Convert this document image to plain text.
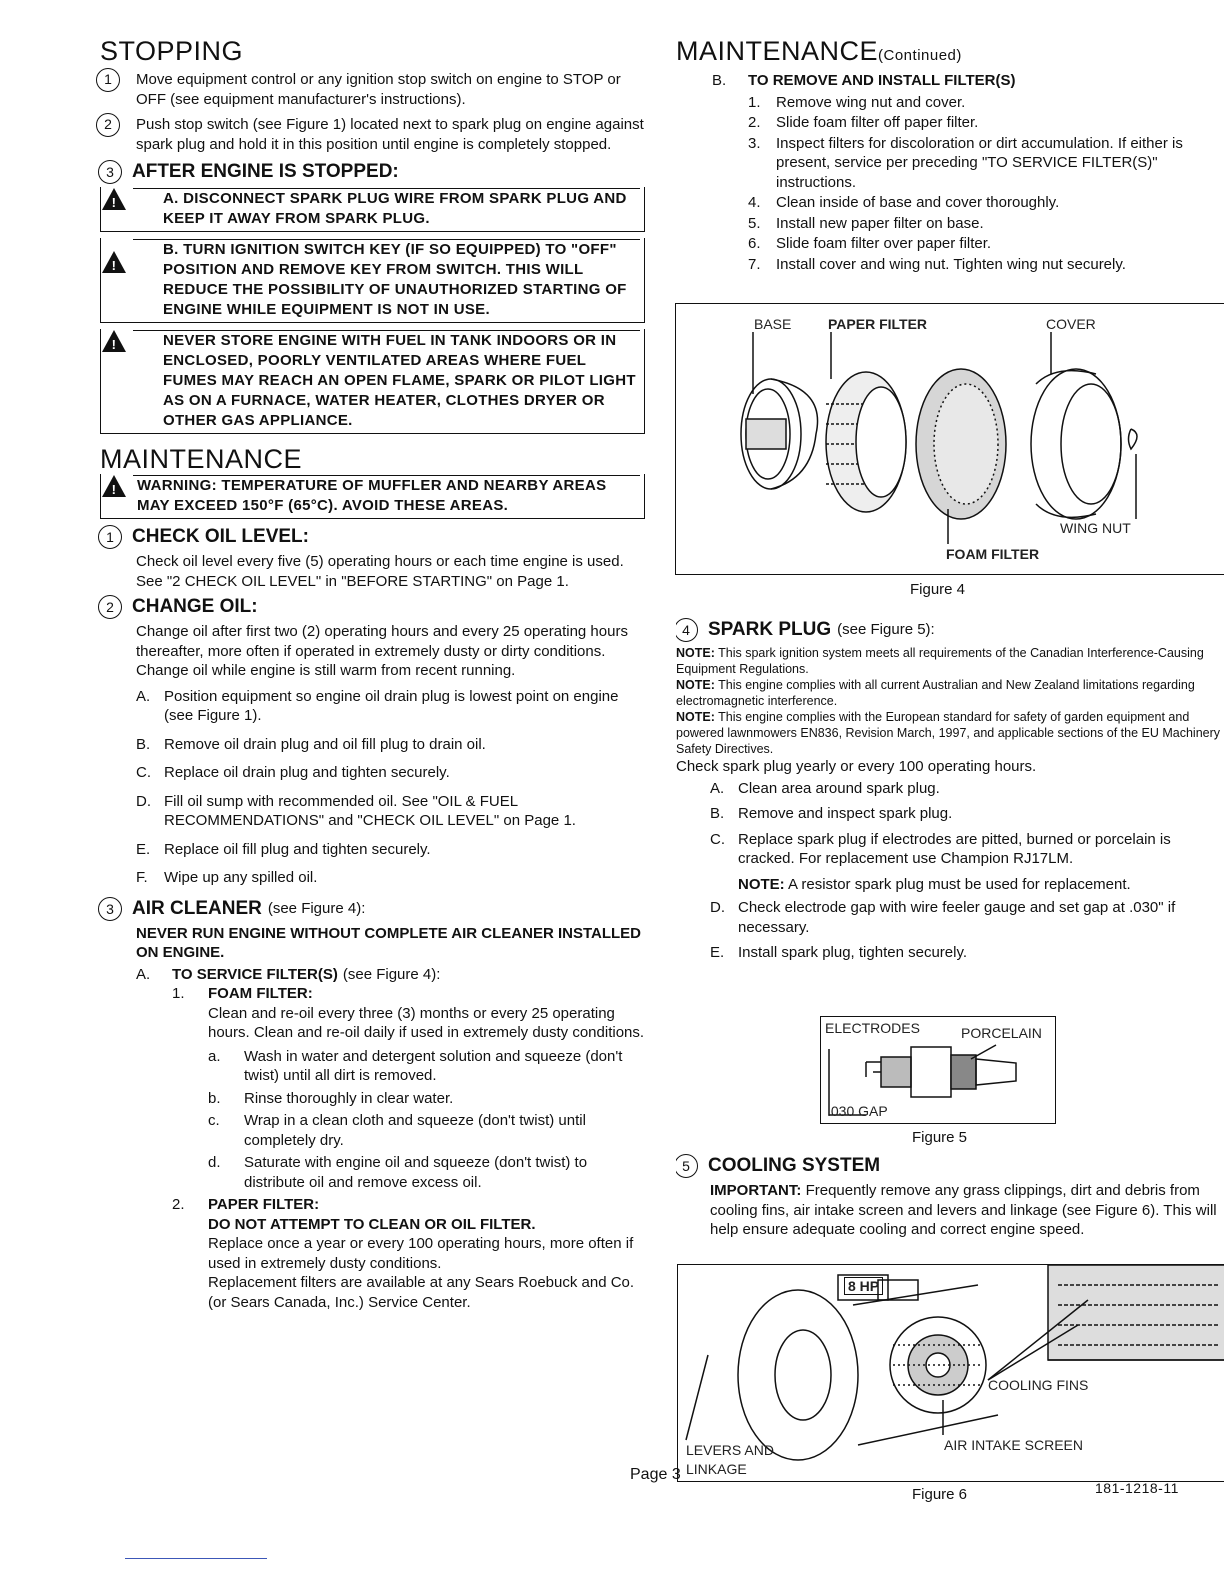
STOPPING
1	Move equipment control or any ignition stop switch on engine to STOP or OFF (see equipment manufacturer's instructions).
2	Push stop switch (see Figure 1) located next to spark plug on engine against spark plug and hold it in this position until engine is completely stopped.
3 AFTER ENGINE IS STOPPED:
!	A. DISCONNECT SPARK PLUG WIRE FROM SPARK PLUG AND KEEP IT AWAY FROM SPARK PLUG.
!
B. TURN IGNITION SWITCH KEY (IF SO EQUIPPED) TO "OFF" POSITION AND REMOVE KEY FROM SWITCH. THIS WILL REDUCE THE POSSIBILITY OF UNAUTHORIZED STARTING OF ENGINE WHILE EQUIPMENT IS NOT IN USE.
!	NEVER STORE ENGINE WITH FUEL IN TANK INDOORS OR IN ENCLOSED, POORLY VENTILATED AREAS WHERE FUEL FUMES MAY REACH AN OPEN FLAME, SPARK OR PILOT LIGHT AS ON A FURNACE, WATER HEATER, CLOTHES DRYER OR OTHER GAS APPLIANCE.
MAINTENANCE
! WARNING: TEMPERATURE OF MUFFLER AND NEARBY AREAS MAY EXCEED 150°F (65°C). AVOID THESE AREAS.
1 CHECK OIL LEVEL:
Check oil level every five (5) operating hours or each time engine is used. See "2 CHECK OIL LEVEL" in "BEFORE STARTING" on Page 1.
2 CHANGE OIL:
Change oil after first two (2) operating hours and every 25 operating hours thereafter, more often if operated in extremely dusty or dirty conditions. Change oil while engine is still warm from recent running.
A. Position equipment so engine oil drain plug is lowest point on engine (see Figure 1).
B. Remove oil drain plug and oil fill plug to drain oil.
C. Replace oil drain plug and tighten securely.
D. Fill oil sump with recommended oil. See "OIL & FUEL RECOMMENDATIONS" and "CHECK OIL LEVEL" on Page 1.
E. Replace oil fill plug and tighten securely.
F. Wipe up any spilled oil.
3 AIR CLEANER (see Figure 4):
NEVER RUN ENGINE WITHOUT COMPLETE AIR CLEANER INSTALLED ON ENGINE.
A.	TO SERVICE FILTER(S) (see Figure 4):
1.	FOAM FILTER:
Clean and re-oil every three (3) months or every 25 operating hours. Clean and re-oil daily if used in extremely dusty conditions.
a. Wash in water and detergent solution and squeeze (don't twist) until all dirt is removed.
b. Rinse thoroughly in clear water.
c. Wrap in a clean cloth and squeeze (don't twist) until completely dry.
d. Saturate with engine oil and squeeze (don't twist) to distribute oil and remove excess oil.
2.	PAPER FILTER:
DO NOT ATTEMPT TO CLEAN OR OIL FILTER.
Replace once a year or every 100 operating hours, more often if used in extremely dusty conditions.
Replacement filters are available at any Sears Roebuck and Co. (or Sears Canada, Inc.) Service Center.
MAINTENANCE(Continued)
B.	TO REMOVE AND INSTALL FILTER(S)
1. Remove wing nut and cover.
2. Slide foam filter off paper filter.
3. Inspect filters for discoloration or dirt accumulation. If either is present, service per preceding "TO SERVICE FILTER(S)" instructions.
4. Clean inside of base and cover thoroughly.
5. Install new paper filter on base.
6. Slide foam filter over paper filter.
7. Install cover and wing nut. Tighten wing nut securely.
BASE	PAPER FILTER	COVER
WING NUT
FOAM FILTER
Figure 4
4 SPARK PLUG (see Figure 5):
NOTE: This spark ignition system meets all requirements of the Canadian Interference-Causing Equipment Regulations.
NOTE: This engine complies with all current Australian and New Zealand limitations regarding electromagnetic interference.
NOTE: This engine complies with the European standard for safety of garden equipment and powered lawnmowers EN836, Revision March, 1997, and applicable sections of the EU Machinery Safety Directives.
Check spark plug yearly or every 100 operating hours.
A. Clean area around spark plug.
B. Remove and inspect spark plug.
C. Replace spark plug if electrodes are pitted, burned or porcelain is cracked. For replacement use Champion RJ17LM.
NOTE: A resistor spark plug must be used for replacement.
D. Check electrode gap with wire feeler gauge and set gap at .030" if necessary.
E. Install spark plug, tighten securely.
ELECTRODES	PORCELAIN
.030 GAP
Figure 5
5 COOLING SYSTEM
IMPORTANT: Frequently remove any grass clippings, dirt and debris from cooling fins, air intake screen and levers and linkage (see Figure 6). This will help ensure adequate cooling and correct engine speed.
8 HP
COOLING FINS
LEVERS AND LINKAGE
AIR INTAKE SCREEN
Figure 6
Page 3
181-1218-11
